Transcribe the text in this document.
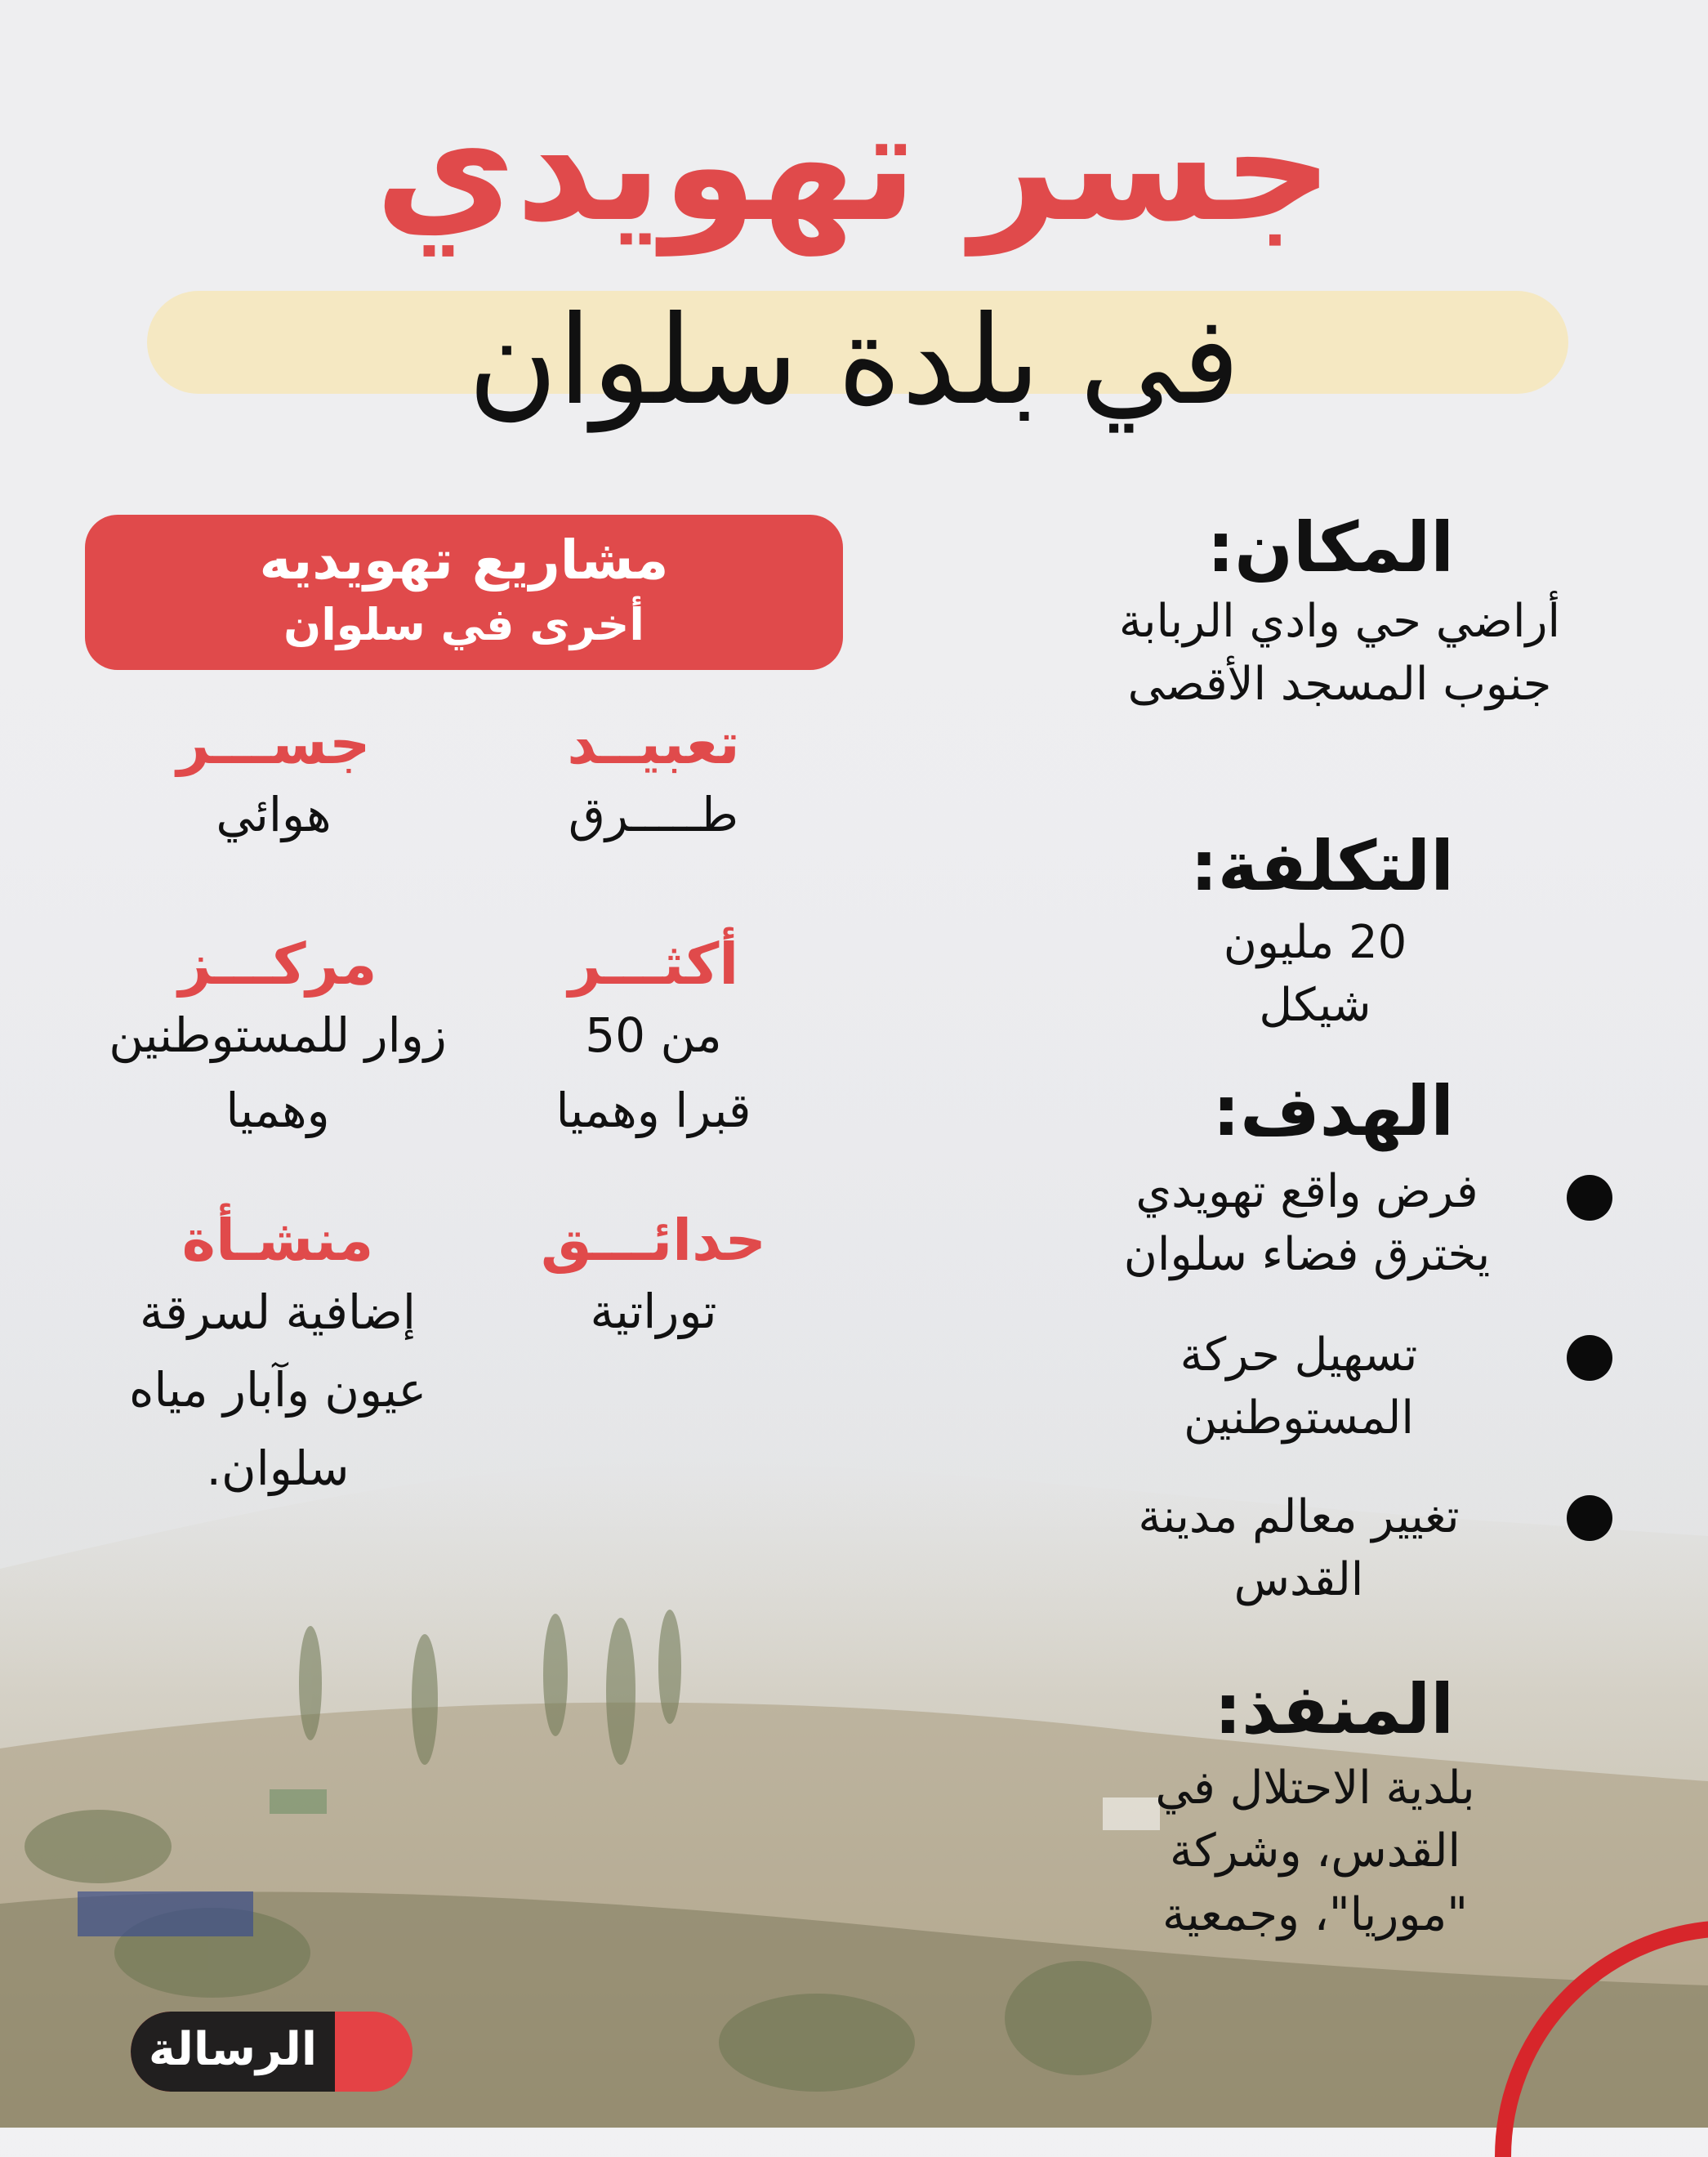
جسر تهويدي
في بلدة سلوان
المكان:
أراضي حي وادي الربابة جنوب المسجد الأقصى
التكلفة:
20 مليون شيكل
الهدف:
فرض واقع تهويدي يخترق فضاء سلوان
تسهيل حركة المستوطنين
تغيير معالم مدينة القدس
المنفذ:
بلدية الاحتلال في القدس، وشركة "موريا"، وجمعية
مشاريع تهويديه
أخرى في سلوان
تعبيــد
طـــــرق
جســـر
هوائي
أكثـــر
من 50 قبرا وهميا
مركـــز
زوار للمستوطنين وهميا
حدائـــق
توراتية
منشـأة
إضافية لسرقة عيون وآبار مياه سلوان.
الرسالة
